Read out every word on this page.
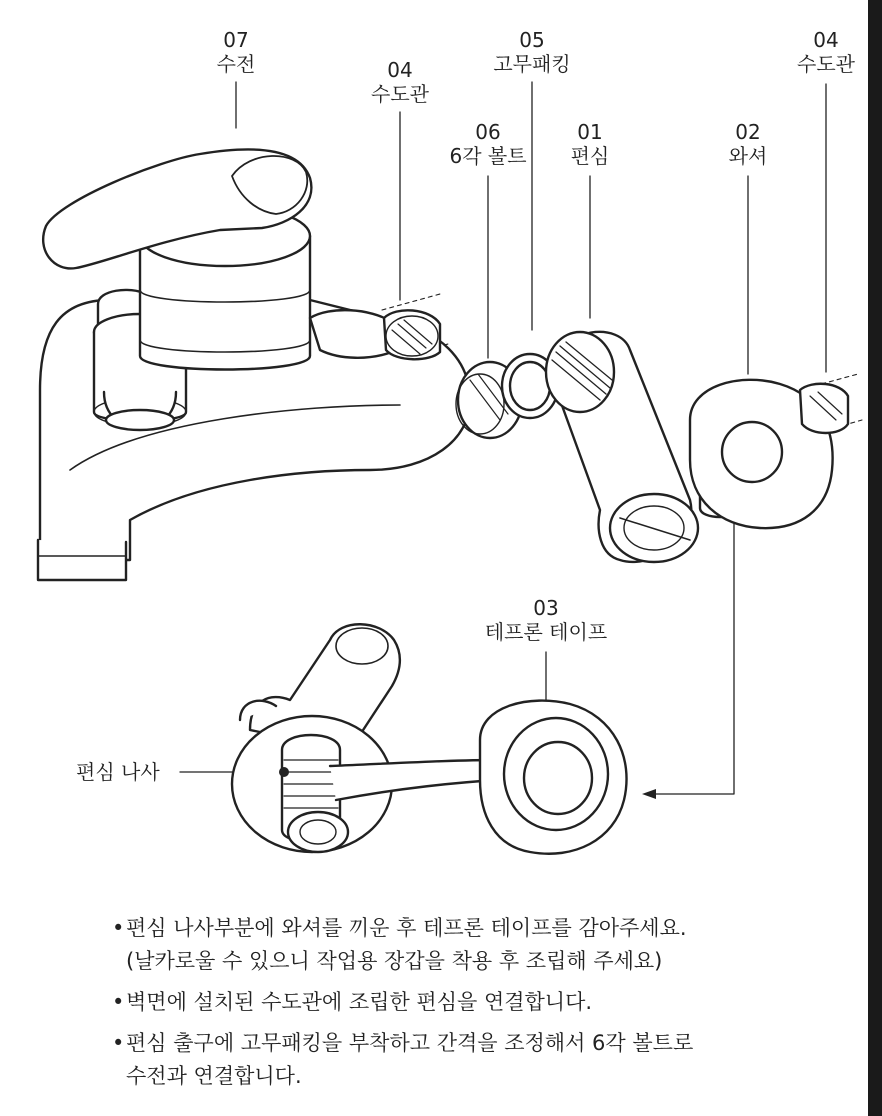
07
수전	04
수도관
05
고무패킹
04
수도관
06
6각 볼트
01
편심
02
와셔
03
테프론 테이프
편심 나사
• 편심 나사부분에 와셔를 끼운 후 테프론 테이프를 감아주세요.
(날카로울 수 있으니 작업용 장갑을 착용 후 조립해 주세요)
• 벽면에 설치된 수도관에 조립한 편심을 연결합니다.
• 편심 출구에 고무패킹을 부착하고 간격을 조정해서 6각 볼트로
수전과 연결합니다.
